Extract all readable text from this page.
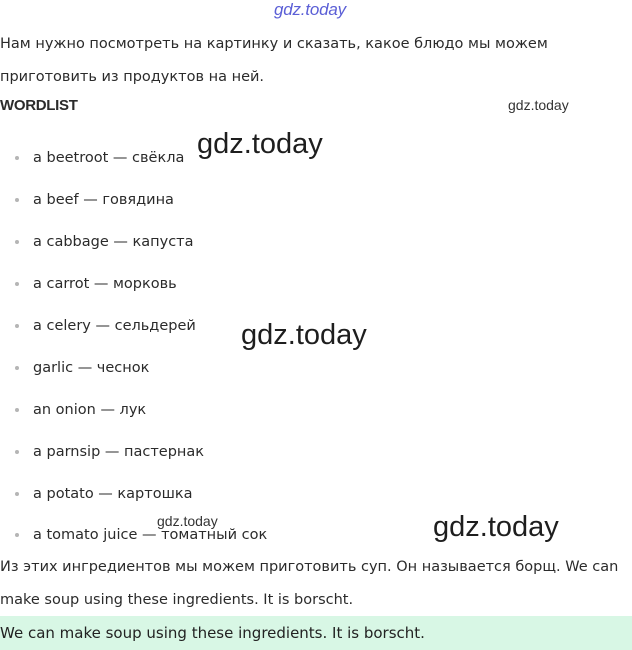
gdz.today
Нам нужно посмотреть на картинку и сказать, какое блюдо мы можем
приготовить из продуктов на ней.
WORDLIST	gdz.today
a beetroot — свёкла
a beef — говядина
a cabbage — капуста
a carrot — морковь
a celery — сельдерей
garlic — чеснок
an onion — лук
a parnsip — пастернак
a potato — картошка
a tomato juice — томатный сок
gdz.today
gdz.today
gdz.today
gdz.today
Из этих ингредиентов мы можем приготовить суп. Он называется борщ. We can
make soup using these ingredients. It is borscht.
We can make soup using these ingredients. It is borscht.
